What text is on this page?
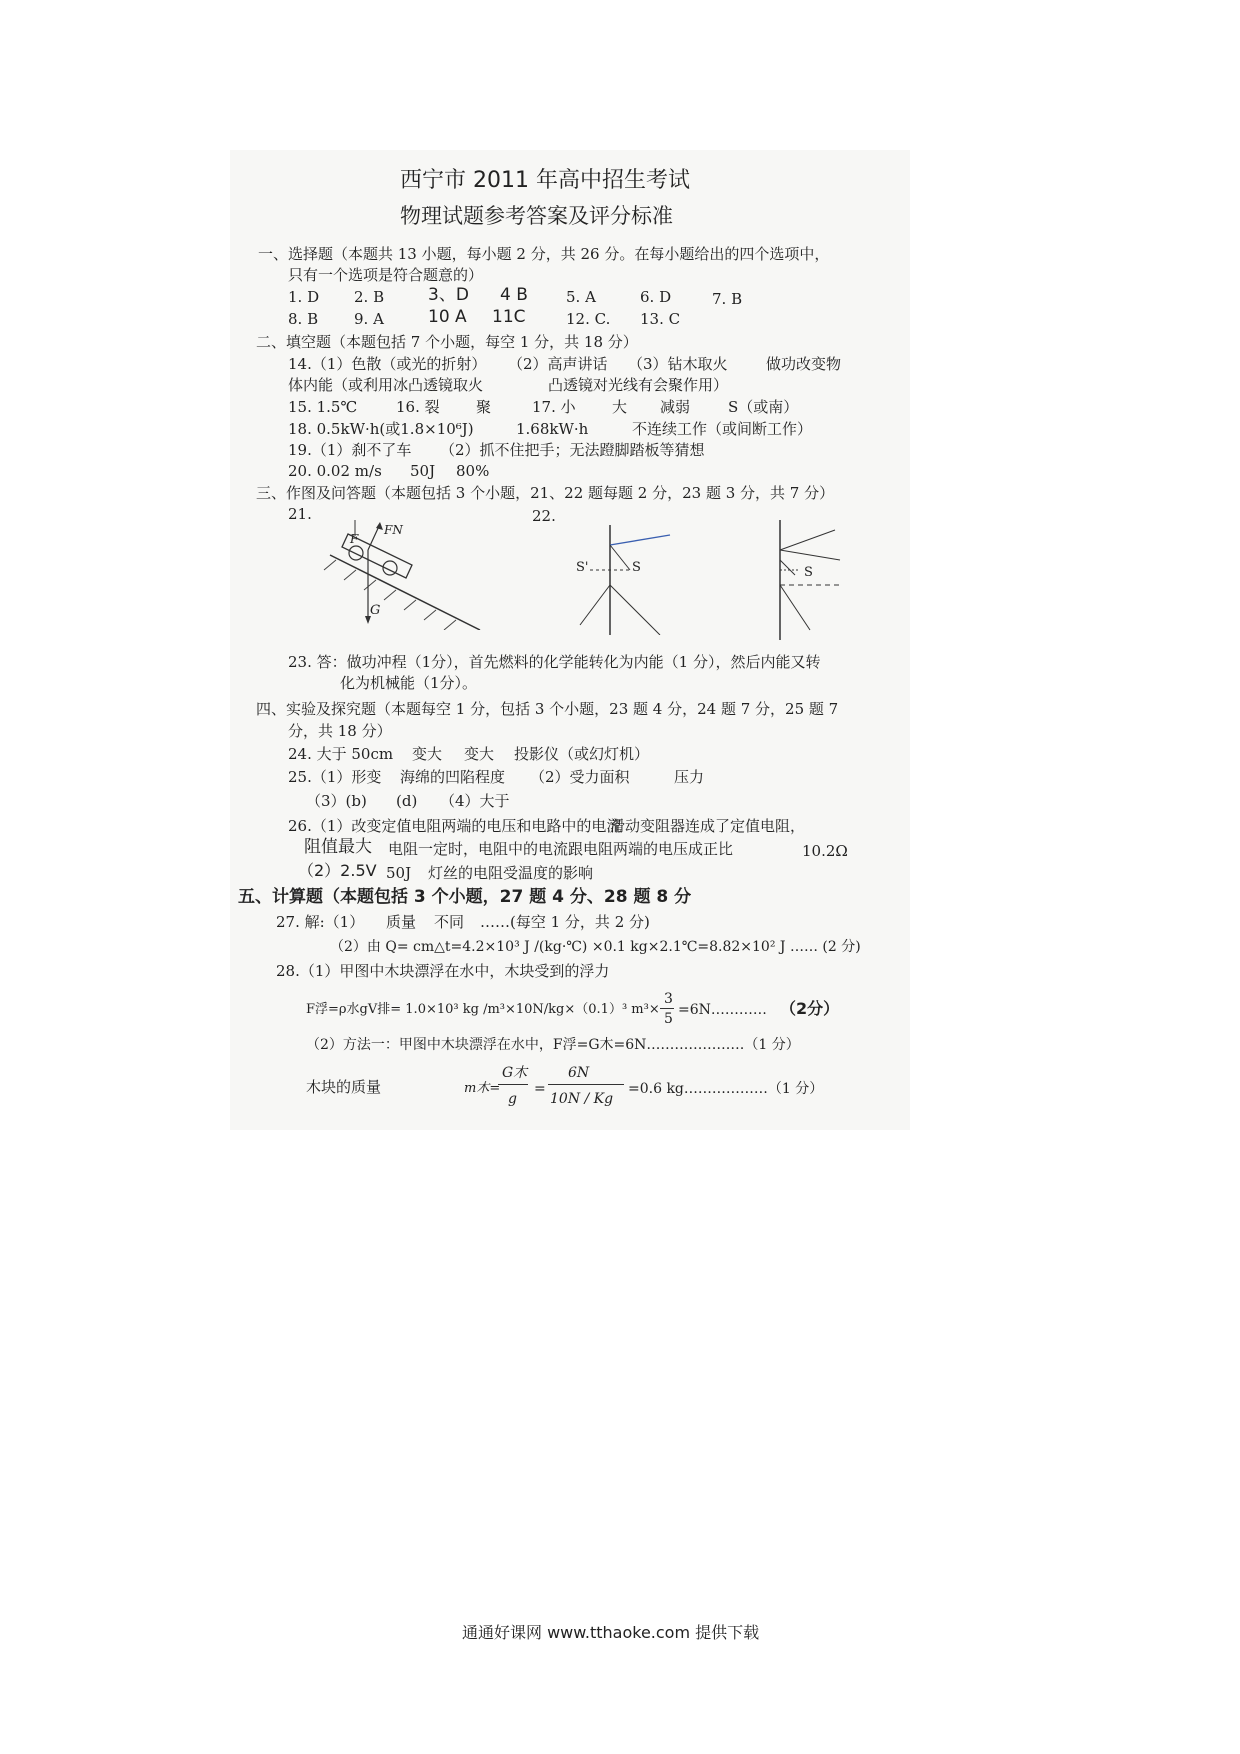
西宁市 2011 年高中招生考试
物理试题参考答案及评分标准
一、选择题（本题共 13 小题，每小题 2 分，共 26 分。在每小题给出的四个选项中，
只有一个选项是符合题意的）
1. D 2. B	3、D 4 B	5. A	6. D	7. B
8. B 9. A	10 A 11C	12. C. 13. C
二、填空题（本题包括 7 个小题，每空 1 分，共 18 分）
14.（1）色散（或光的折射） （2）高声讲话 （3）钻木取火	做功改变物
体内能（或利用冰凸透镜取火	凸透镜对光线有会聚作用）
15. 1.5℃	16. 裂 聚	17. 小 大 减弱	S（或南）
18. 0.5kW·h(或1.8×10⁶J)	1.68kW·h	不连续工作（或间断工作）
19.（1）刹不了车 （2）抓不住把手；无法蹬脚踏板等猜想
20. 0.02 m/s 50J 80%
三、作图及问答题（本题包括 3 个小题，21、22 题每题 2 分，23 题 3 分，共 7 分）
21.	22.
FN
F
G
S'	S	S
23. 答：做功冲程（1分），首先燃料的化学能转化为内能（1 分），然后内能又转
化为机械能（1分）。
四、实验及探究题（本题每空 1 分，包括 3 个小题，23 题 4 分，24 题 7 分，25 题 7
分，共 18 分）
24. 大于 50cm 变大 变大 投影仪（或幻灯机）
25.（1）形变 海绵的凹陷程度 （2）受力面积	压力
（3）(b) (d) （4）大于
26.（1）改变定值电阻两端的电压和电路中的电流
滑动变阻器连成了定值电阻，
阻值最大 电阻一定时，电阻中的电流跟电阻两端的电压成正比	10.2Ω
（2）2.5V 50J 灯丝的电阻受温度的影响
五、计算题（本题包括 3 个小题，27 题 4 分、28 题 8 分
27. 解:（1） 质量 不同 ……(每空 1 分，共 2 分)
（2）由 Q= cm△t=4.2×10³ J /(kg·℃) ×0.1 kg×2.1℃=8.82×10² J …… (2 分)
28.（1）甲图中木块漂浮在水中，木块受到的浮力
F浮=ρ水gV排= 1.0×10³ kg /m³×10N/kg×（0.1）³ m³×
3
5
=6N………… （2分）
（2）方法一：甲图中木块漂浮在水中，F浮=G木=6N…………………（1 分）
木块的质量	m木=
G木
g
=
6N
10N / Kg
=0.6 kg………………（1 分）
通通好课网 www.tthaoke.com 提供下载
